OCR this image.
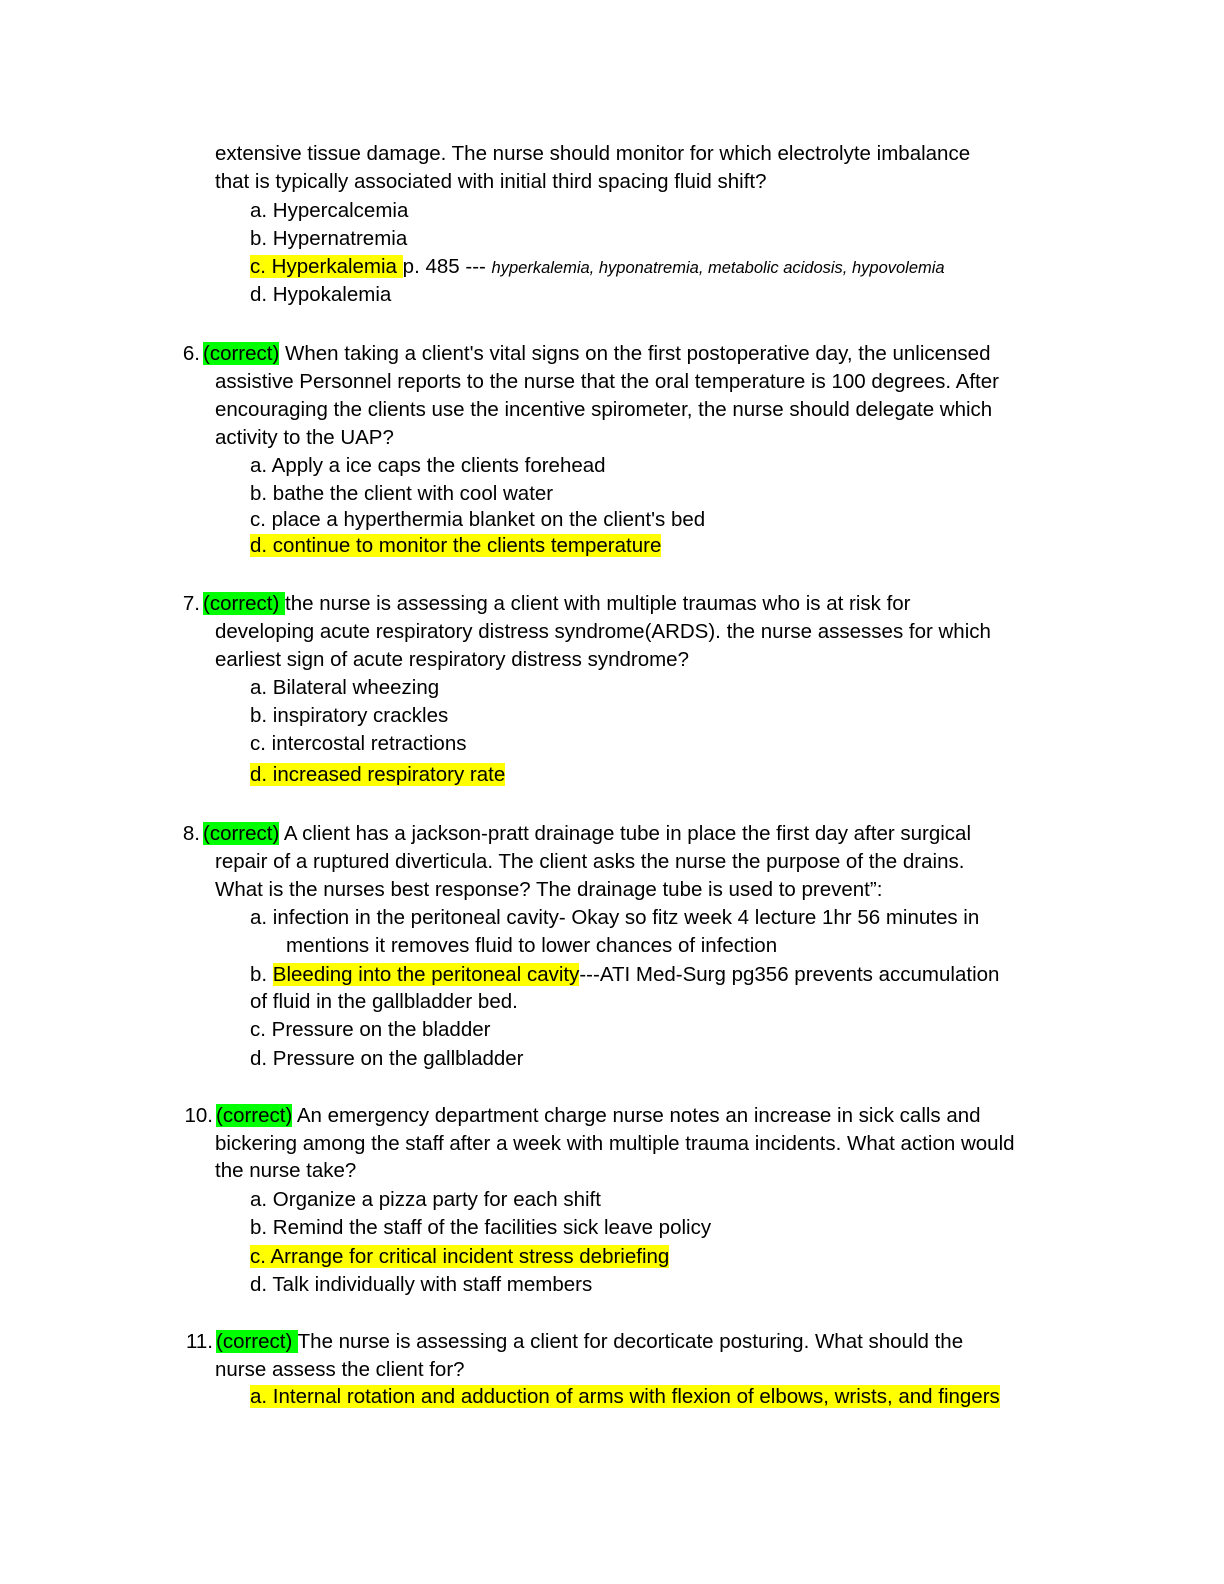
extensive tissue damage. The nurse should monitor for which electrolyte imbalance
that is typically associated with initial third spacing fluid shift?
a. Hypercalcemia
b. Hypernatremia
c. Hyperkalemia p. 485 --- hyperkalemia, hyponatremia, metabolic acidosis, hypovolemia
d. Hypokalemia
6. (correct) When taking a client's vital signs on the first postoperative day, the unlicensed
assistive Personnel reports to the nurse that the oral temperature is 100 degrees. After
encouraging the clients use the incentive spirometer, the nurse should delegate which
activity to the UAP?
a. Apply a ice caps the clients forehead
b. bathe the client with cool water
c. place a hyperthermia blanket on the client's bed
d. continue to monitor the clients temperature
7. (correct) the nurse is assessing a client with multiple traumas who is at risk for
developing acute respiratory distress syndrome(ARDS). the nurse assesses for which
earliest sign of acute respiratory distress syndrome?
a. Bilateral wheezing
b. inspiratory crackles
c. intercostal retractions
d. increased respiratory rate
8. (correct) A client has a jackson-pratt drainage tube in place the first day after surgical
repair of a ruptured diverticula. The client asks the nurse the purpose of the drains.
What is the nurses best response? The drainage tube is used to prevent”:
a. infection in the peritoneal cavity- Okay so fitz week 4 lecture 1hr 56 minutes in
mentions it removes fluid to lower chances of infection
b. Bleeding into the peritoneal cavity---ATI Med-Surg pg356 prevents accumulation
of fluid in the gallbladder bed.
c. Pressure on the bladder
d. Pressure on the gallbladder
10. (correct) An emergency department charge nurse notes an increase in sick calls and
bickering among the staff after a week with multiple trauma incidents. What action would
the nurse take?
a. Organize a pizza party for each shift
b. Remind the staff of the facilities sick leave policy
c. Arrange for critical incident stress debriefing
d. Talk individually with staff members
11. (correct) The nurse is assessing a client for decorticate posturing. What should the
nurse assess the client for?
a. Internal rotation and adduction of arms with flexion of elbows, wrists, and fingers
